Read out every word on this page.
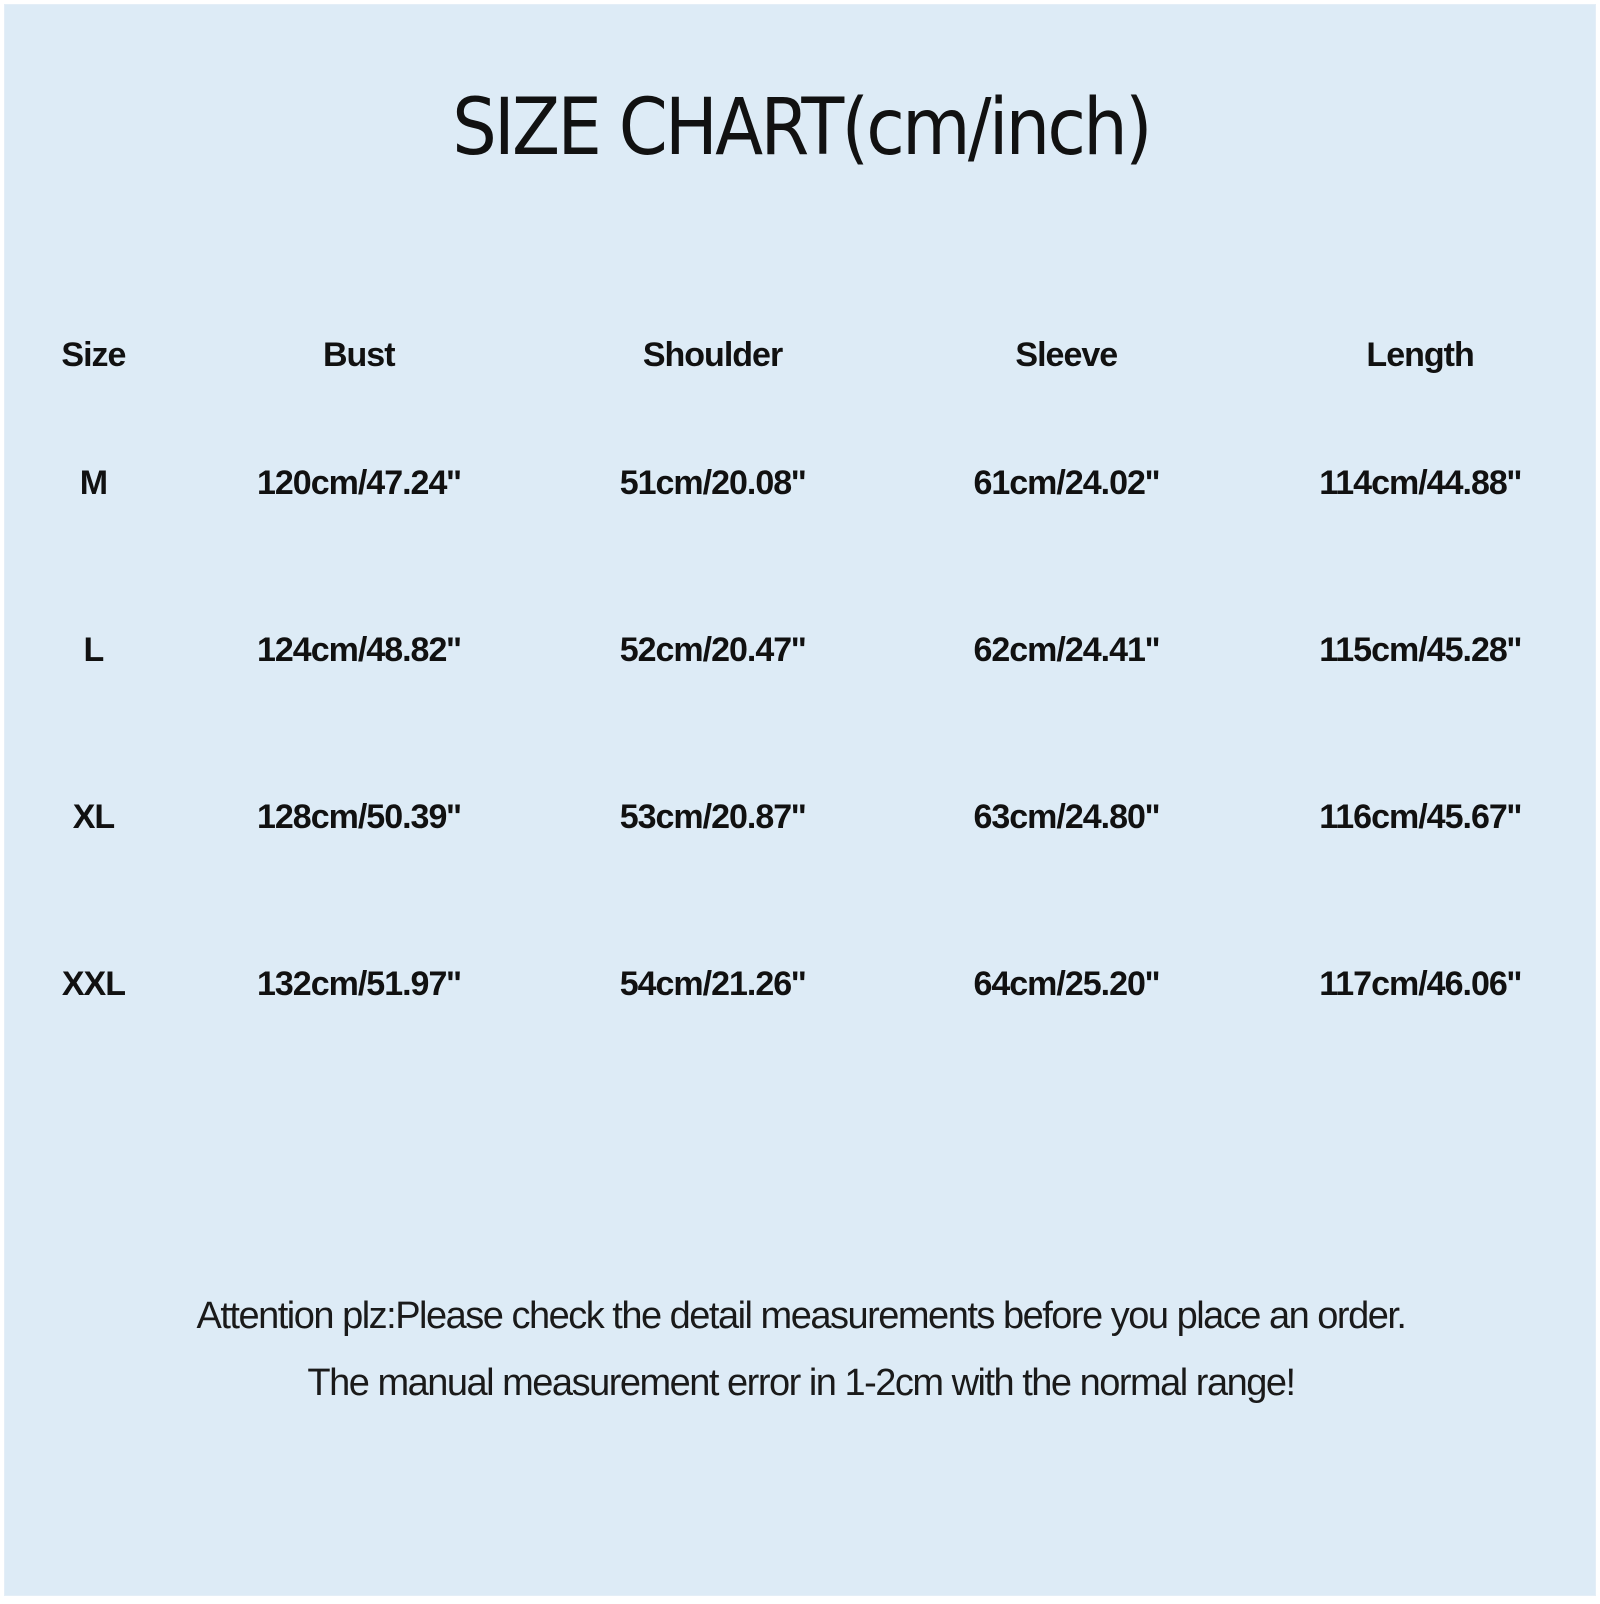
SIZE CHART(cm/inch)
Size	Bust	Shoulder	Sleeve	Length
M	120cm/47.24''	51cm/20.08''	61cm/24.02''	114cm/44.88''
L	124cm/48.82''	52cm/20.47''	62cm/24.41''	115cm/45.28''
XL	128cm/50.39''	53cm/20.87''	63cm/24.80''	116cm/45.67''
XXL	132cm/51.97''	54cm/21.26''	64cm/25.20''	117cm/46.06''
Attention plz:Please check the detail measurements before you place an order.
The manual measurement error in 1-2cm with the normal range!
